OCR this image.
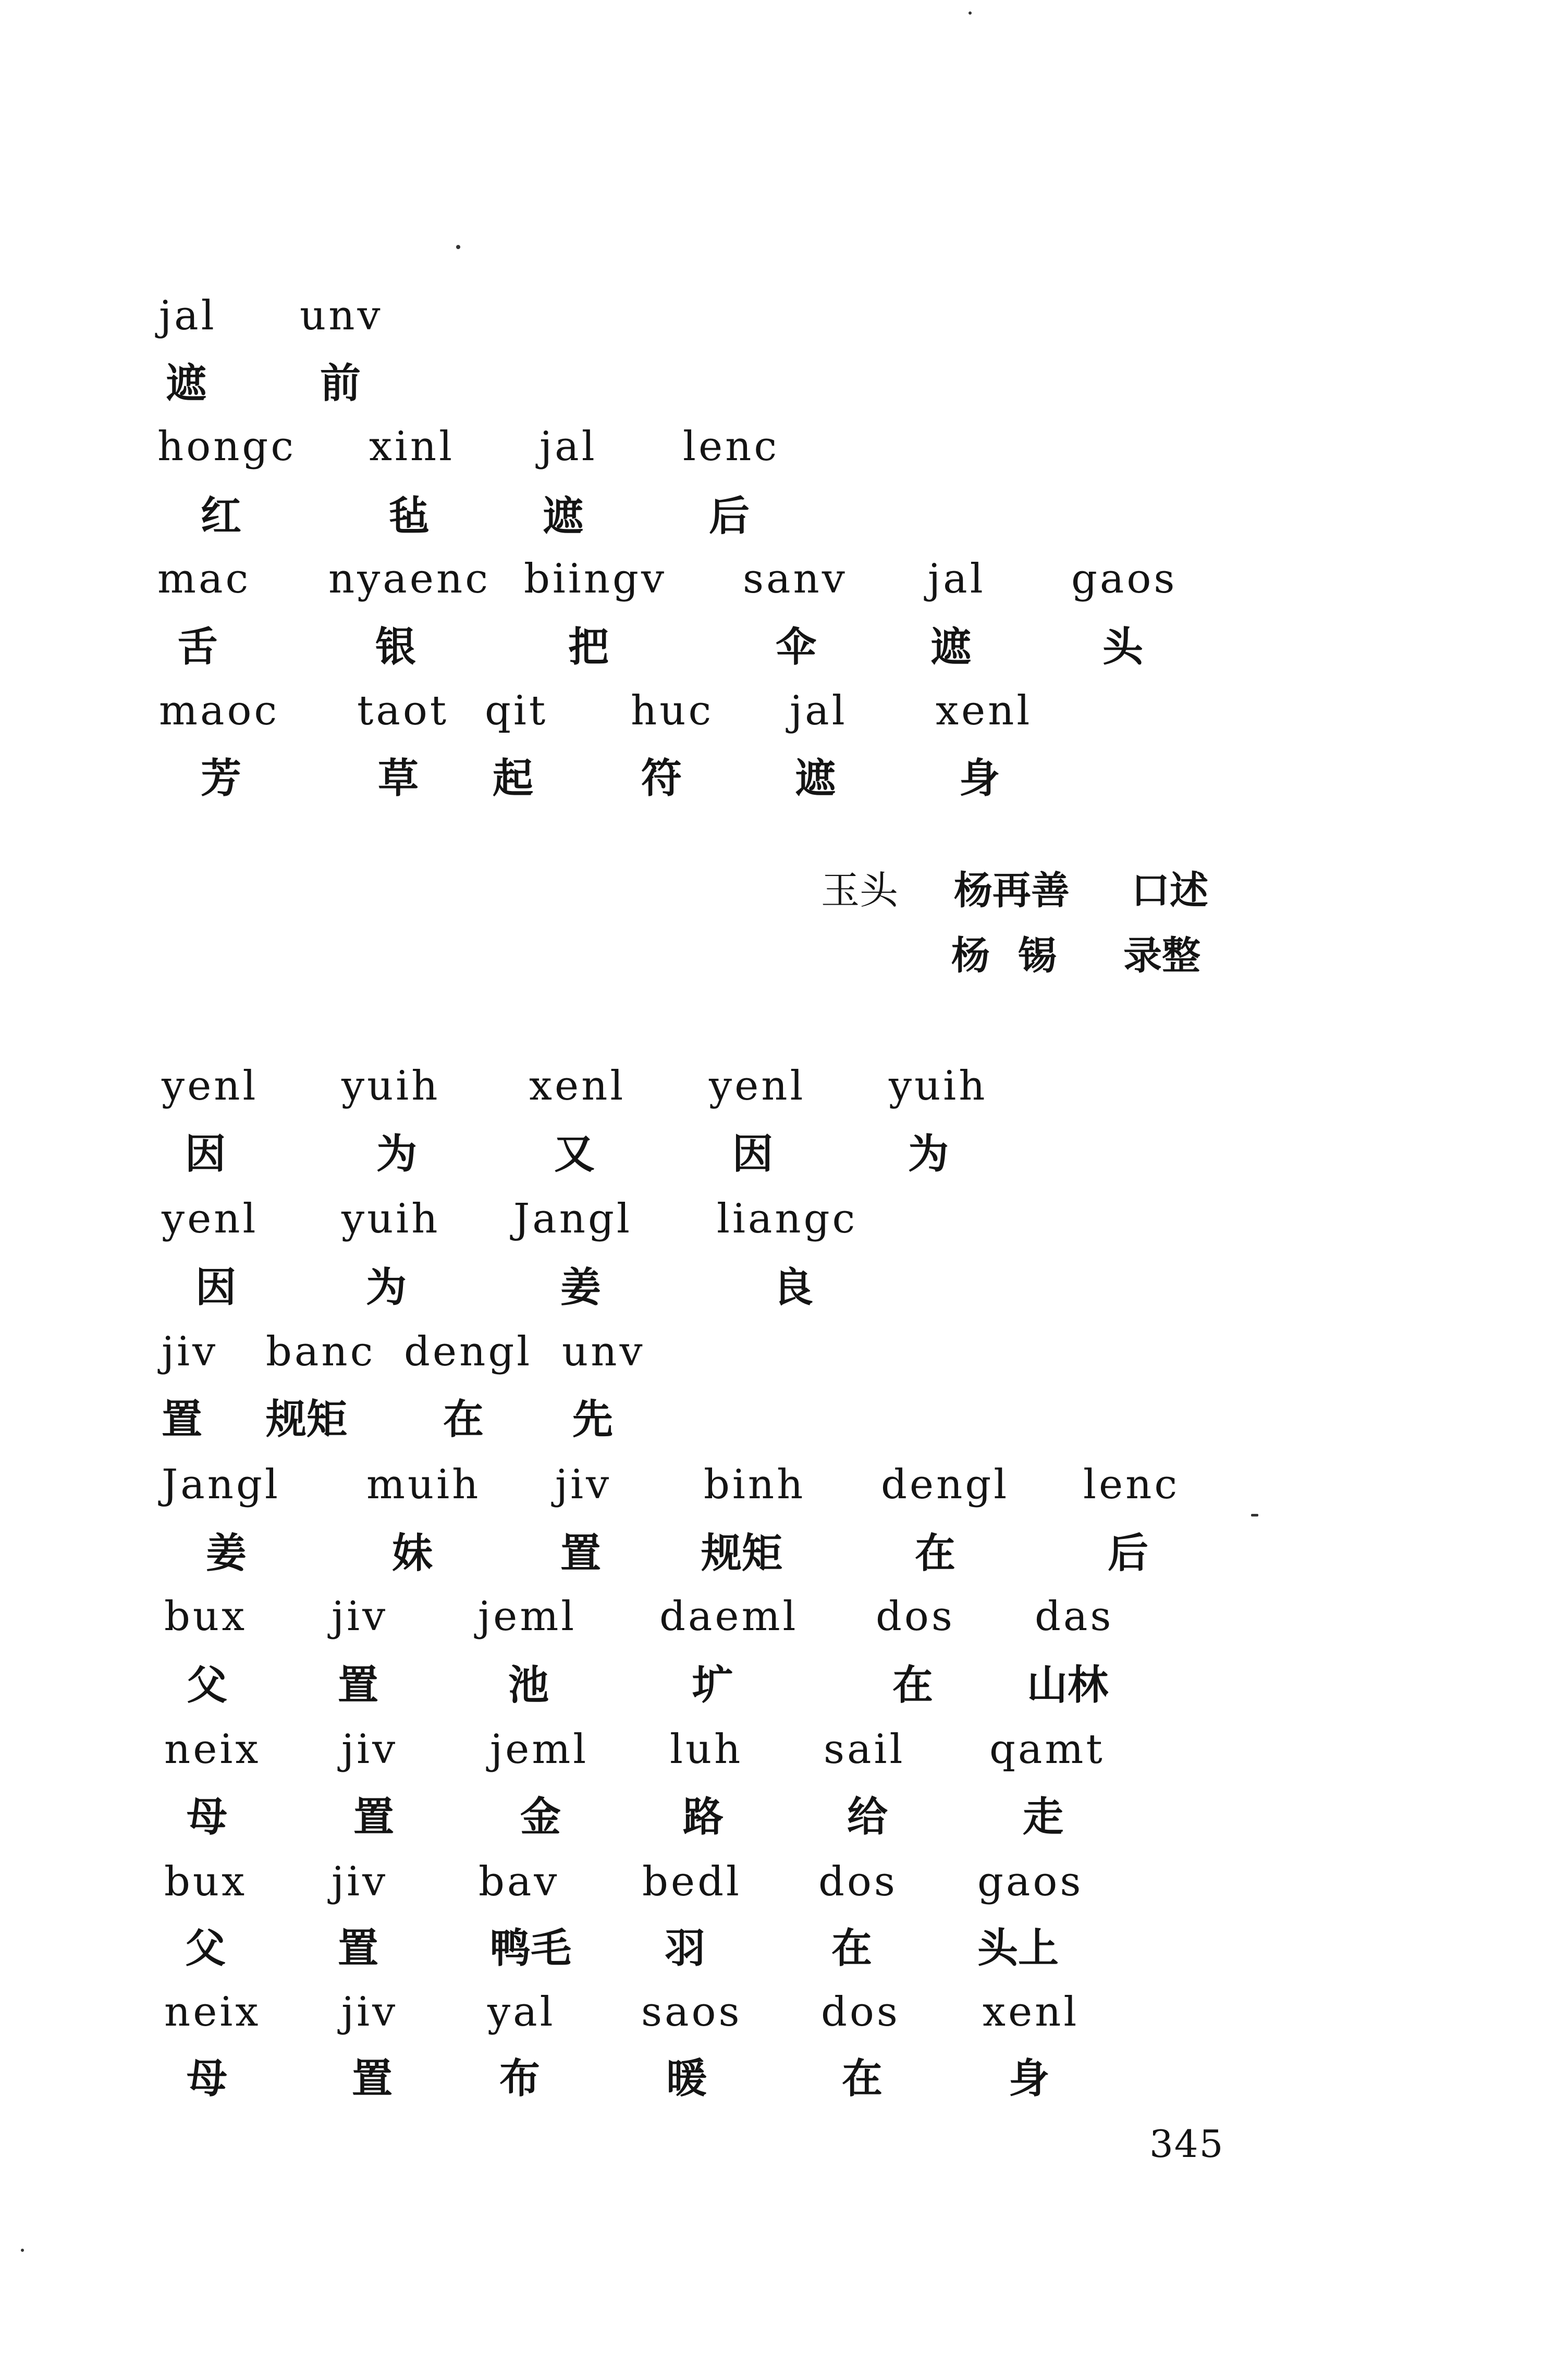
jal unv
遮	前
hongc xinl jal lenc
红	毡	遮	后
mac nyaenc biingv sanv jal gaos
舌	银	把	伞	遮	头
maoc taot qit huc jal xenl
芳	草 起	符	遮	身
玉头 杨再善 口述
杨 锡 录整
yenl yuih xenl yenl yuih
因	为	又	因	为
yenl yuih Jangl liangc
因	为	姜	良
jiv banc dengl unv
置 规矩 在 先
Jangl muih jiv binh dengl lenc
姜	妹	置 规矩	在	后
bux jiv jeml daeml dos das
父	置	池	圹	在 山林
neix jiv jeml luh sail qamt
母	置	金	路	给	走
bux jiv bav bedl dos gaos
父	置	鸭毛 羽	在	头上
neix jiv yal saos dos xenl
母	置	布	暖	在	身
345
